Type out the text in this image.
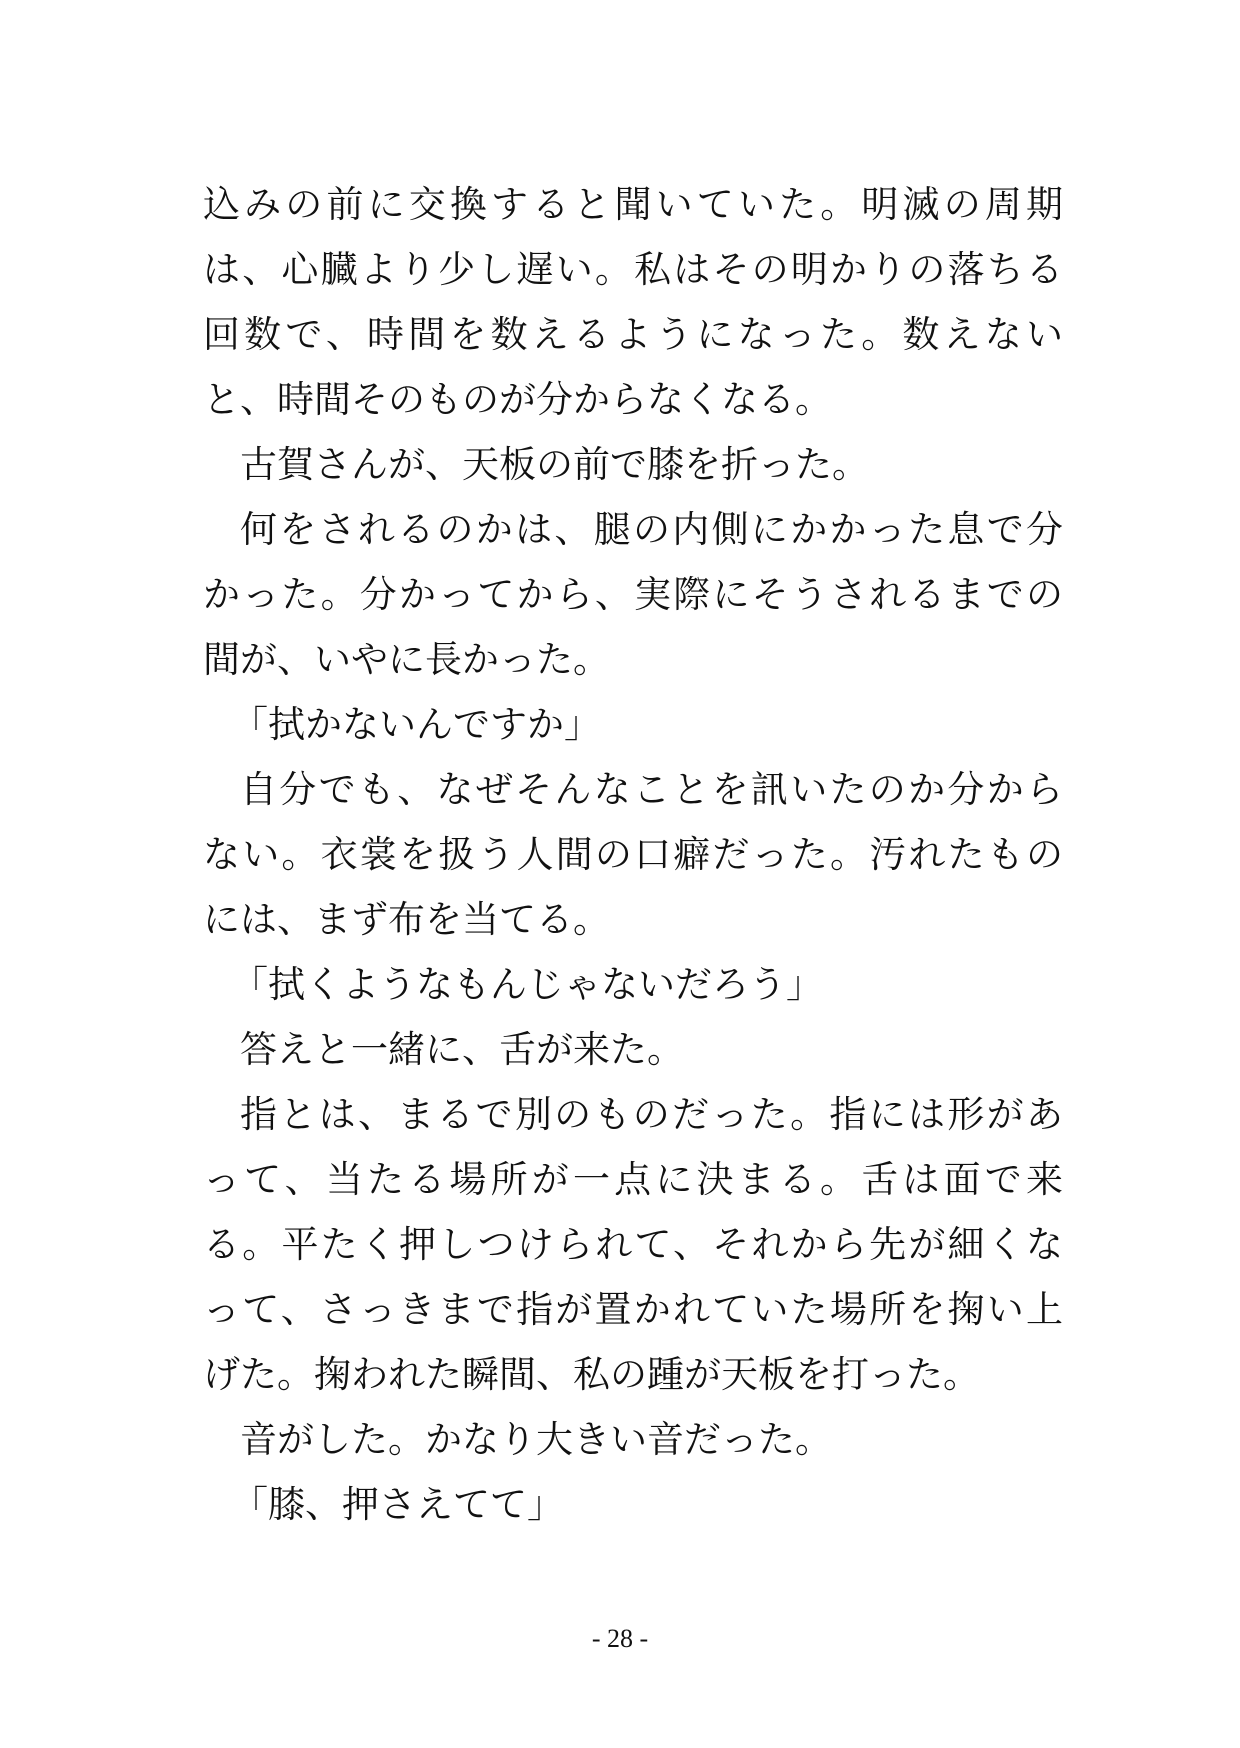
込みの前に交換すると聞いていた。明滅の周期
は、心臓より少し遅い。私はその明かりの落ちる
回数で、時間を数えるようになった。数えない
と、時間そのものが分からなくなる。
古賀さんが、天板の前で膝を折った。
何をされるのかは、腿の内側にかかった息で分
かった。分かってから、実際にそうされるまでの
間が、いやに長かった。
「拭かないんですか」
自分でも、なぜそんなことを訊いたのか分から
ない。衣裳を扱う人間の口癖だった。汚れたもの
には、まず布を当てる。
「拭くようなもんじゃないだろう」
答えと一緒に、舌が来た。
指とは、まるで別のものだった。指には形があ
って、当たる場所が一点に決まる。舌は面で来
る。平たく押しつけられて、それから先が細くな
って、さっきまで指が置かれていた場所を掬い上
げた。掬われた瞬間、私の踵が天板を打った。
音がした。かなり大きい音だった。
「膝、押さえてて」
- 28 -
